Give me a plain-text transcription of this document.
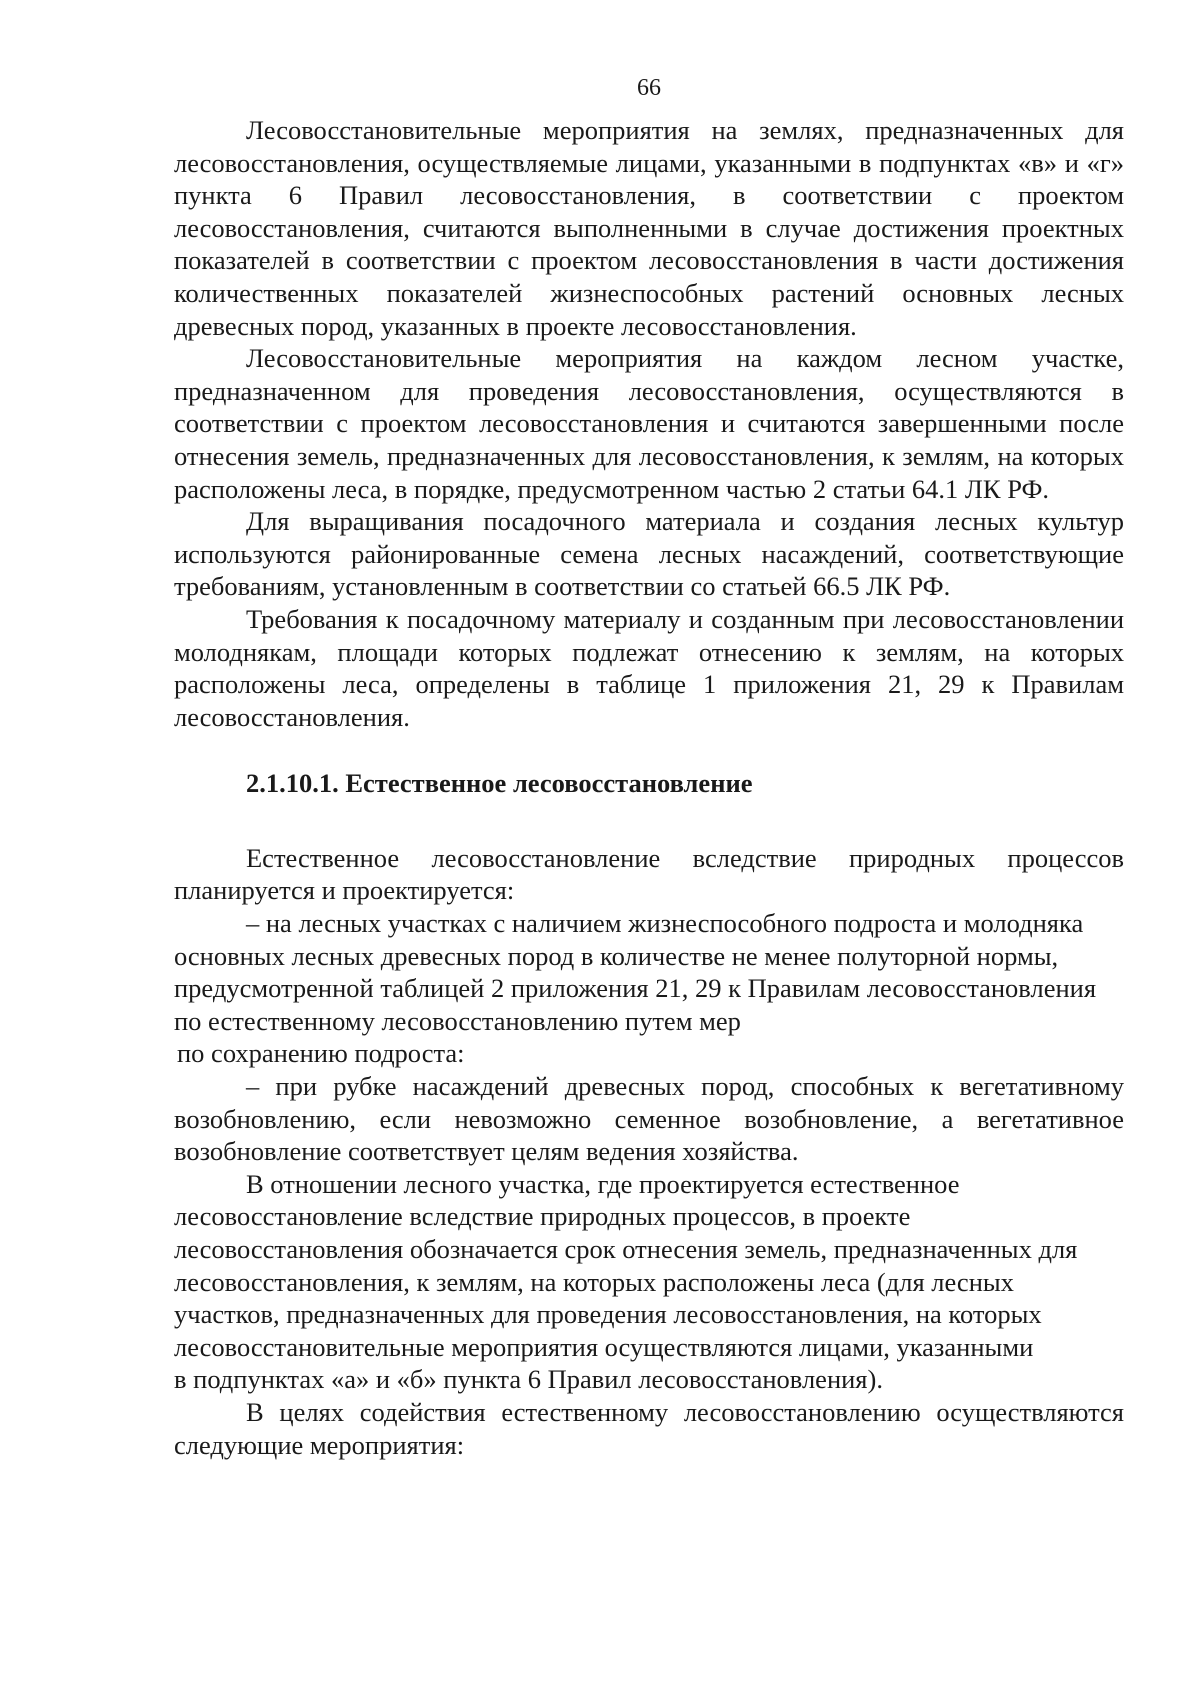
66

Лесовосстановительные мероприятия на землях, предназначенных для лесовосстановления, осуществляемые лицами, указанными в подпунктах «в» и «г» пункта 6 Правил лесовосстановления, в соответствии с проектом лесовосстановления, считаются выполненными в случае достижения проектных показателей в соответствии с проектом лесовосстановления в части достижения количественных показателей жизнеспособных растений основных лесных древесных пород, указанных в проекте лесовосстановления.

Лесовосстановительные мероприятия на каждом лесном участке, предназначенном для проведения лесовосстановления, осуществляются в соответствии с проектом лесовосстановления и считаются завершенными после отнесения земель, предназначенных для лесовосстановления, к землям, на которых расположены леса, в порядке, предусмотренном частью 2 статьи 64.1 ЛК РФ.

Для выращивания посадочного материала и создания лесных культур используются районированные семена лесных насаждений, соответствующие требованиям, установленным в соответствии со статьей 66.5 ЛК РФ.

Требования к посадочному материалу и созданным при лесовосстановлении молоднякам, площади которых подлежат отнесению к землям, на которых расположены леса, определены в таблице 1 приложения 21, 29 к Правилам лесовосстановления.

2.1.10.1. Естественное лесовосстановление

Естественное лесовосстановление вследствие природных процессов планируется и проектируется:

– на лесных участках с наличием жизнеспособного подроста и молодняка основных лесных древесных пород в количестве не менее полуторной нормы, предусмотренной таблицей 2 приложения 21, 29 к Правилам лесовосстановления по естественному лесовосстановлению путем мер

по сохранению подроста:

– при рубке насаждений древесных пород, способных к вегетативному возобновлению, если невозможно семенное возобновление, а вегетативное возобновление соответствует целям ведения хозяйства.

В отношении лесного участка, где проектируется естественное лесовосстановление вследствие природных процессов, в проекте лесовосстановления обозначается срок отнесения земель, предназначенных для лесовосстановления, к землям, на которых расположены леса (для лесных участков, предназначенных для проведения лесовосстановления, на которых лесовосстановительные мероприятия осуществляются лицами, указанными

в подпунктах «а» и «б» пункта 6 Правил лесовосстановления).

В целях содействия естественному лесовосстановлению осуществляются следующие мероприятия:
